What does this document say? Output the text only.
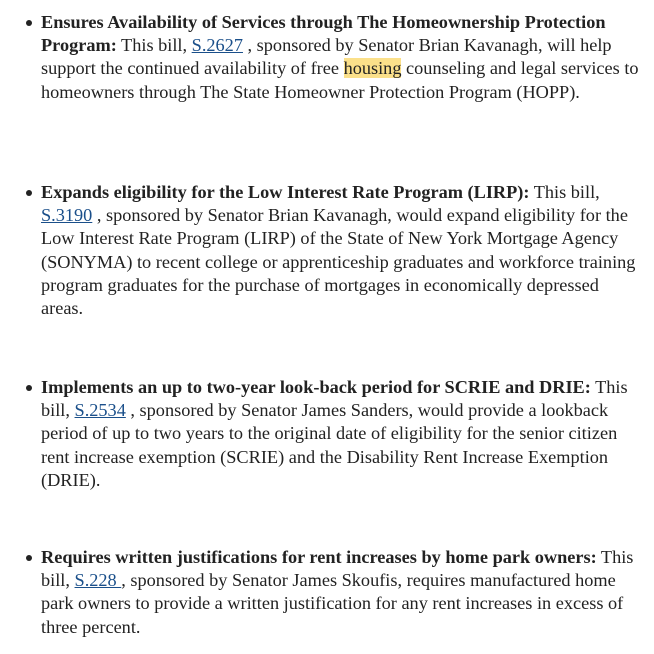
Ensures Availability of Services through The Homeownership Protection Program: This bill, S.2627 , sponsored by Senator Brian Kavanagh, will help support the continued availability of free housing counseling and legal services to homeowners through The State Homeowner Protection Program (HOPP).
Expands eligibility for the Low Interest Rate Program (LIRP): This bill, S.3190 , sponsored by Senator Brian Kavanagh, would expand eligibility for the Low Interest Rate Program (LIRP) of the State of New York Mortgage Agency (SONYMA) to recent college or apprenticeship graduates and workforce training program graduates for the purchase of mortgages in economically depressed areas.
Implements an up to two-year look-back period for SCRIE and DRIE: This bill, S.2534 , sponsored by Senator James Sanders, would provide a lookback period of up to two years to the original date of eligibility for the senior citizen rent increase exemption (SCRIE) and the Disability Rent Increase Exemption (DRIE).
Requires written justifications for rent increases by home park owners: This bill, S.228 , sponsored by Senator James Skoufis, requires manufactured home park owners to provide a written justification for any rent increases in excess of three percent.
